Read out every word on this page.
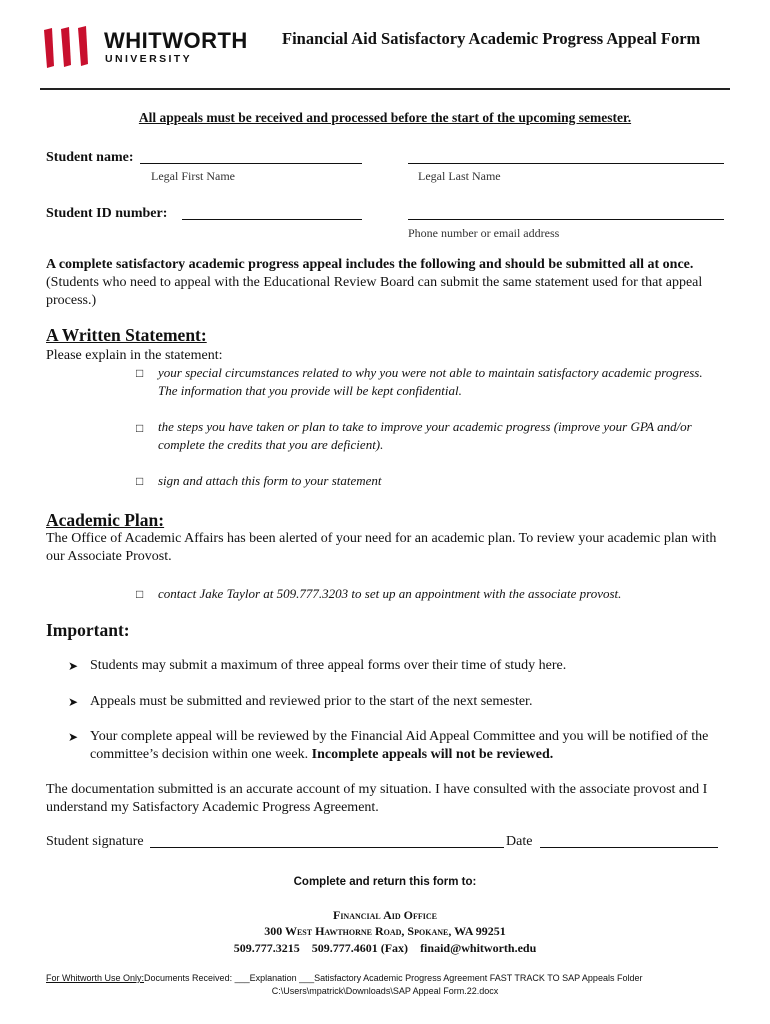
WHITWORTH
UNIVERSITY
Financial Aid Satisfactory Academic Progress Appeal Form
All appeals must be received and processed before the start of the upcoming semester.
Student name:
Legal First Name	Legal Last Name
Student ID number:
Phone number or email address
A complete satisfactory academic progress appeal includes the following and should be submitted all at once. (Students who need to appeal with the Educational Review Board can submit the same statement used for that appeal process.)
A Written Statement:
Please explain in the statement:
□ your special circumstances related to why you were not able to maintain satisfactory academic progress. The information that you provide will be kept confidential.
□ the steps you have taken or plan to take to improve your academic progress (improve your GPA and/or complete the credits that you are deficient).
□ sign and attach this form to your statement
Academic Plan:
The Office of Academic Affairs has been alerted of your need for an academic plan. To review your academic plan with our Associate Provost.
□ contact Jake Taylor at 509.777.3203 to set up an appointment with the associate provost.
Important:
➤ Students may submit a maximum of three appeal forms over their time of study here.
➤ Appeals must be submitted and reviewed prior to the start of the next semester.
➤ Your complete appeal will be reviewed by the Financial Aid Appeal Committee and you will be notified of the committee’s decision within one week. Incomplete appeals will not be reviewed.
The documentation submitted is an accurate account of my situation. I have consulted with the associate provost and I understand my Satisfactory Academic Progress Agreement.
Student signature	Date
Complete and return this form to:
Financial Aid Office
300 West Hawthorne Road, Spokane, WA 99251
509.777.3215 509.777.4601 (Fax) finaid@whitworth.edu
For Whitworth Use Only:Documents Received: ___Explanation ___Satisfactory Academic Progress Agreement FAST TRACK TO SAP Appeals Folder
C:\Users\mpatrick\Downloads\SAP Appeal Form.22.docx
